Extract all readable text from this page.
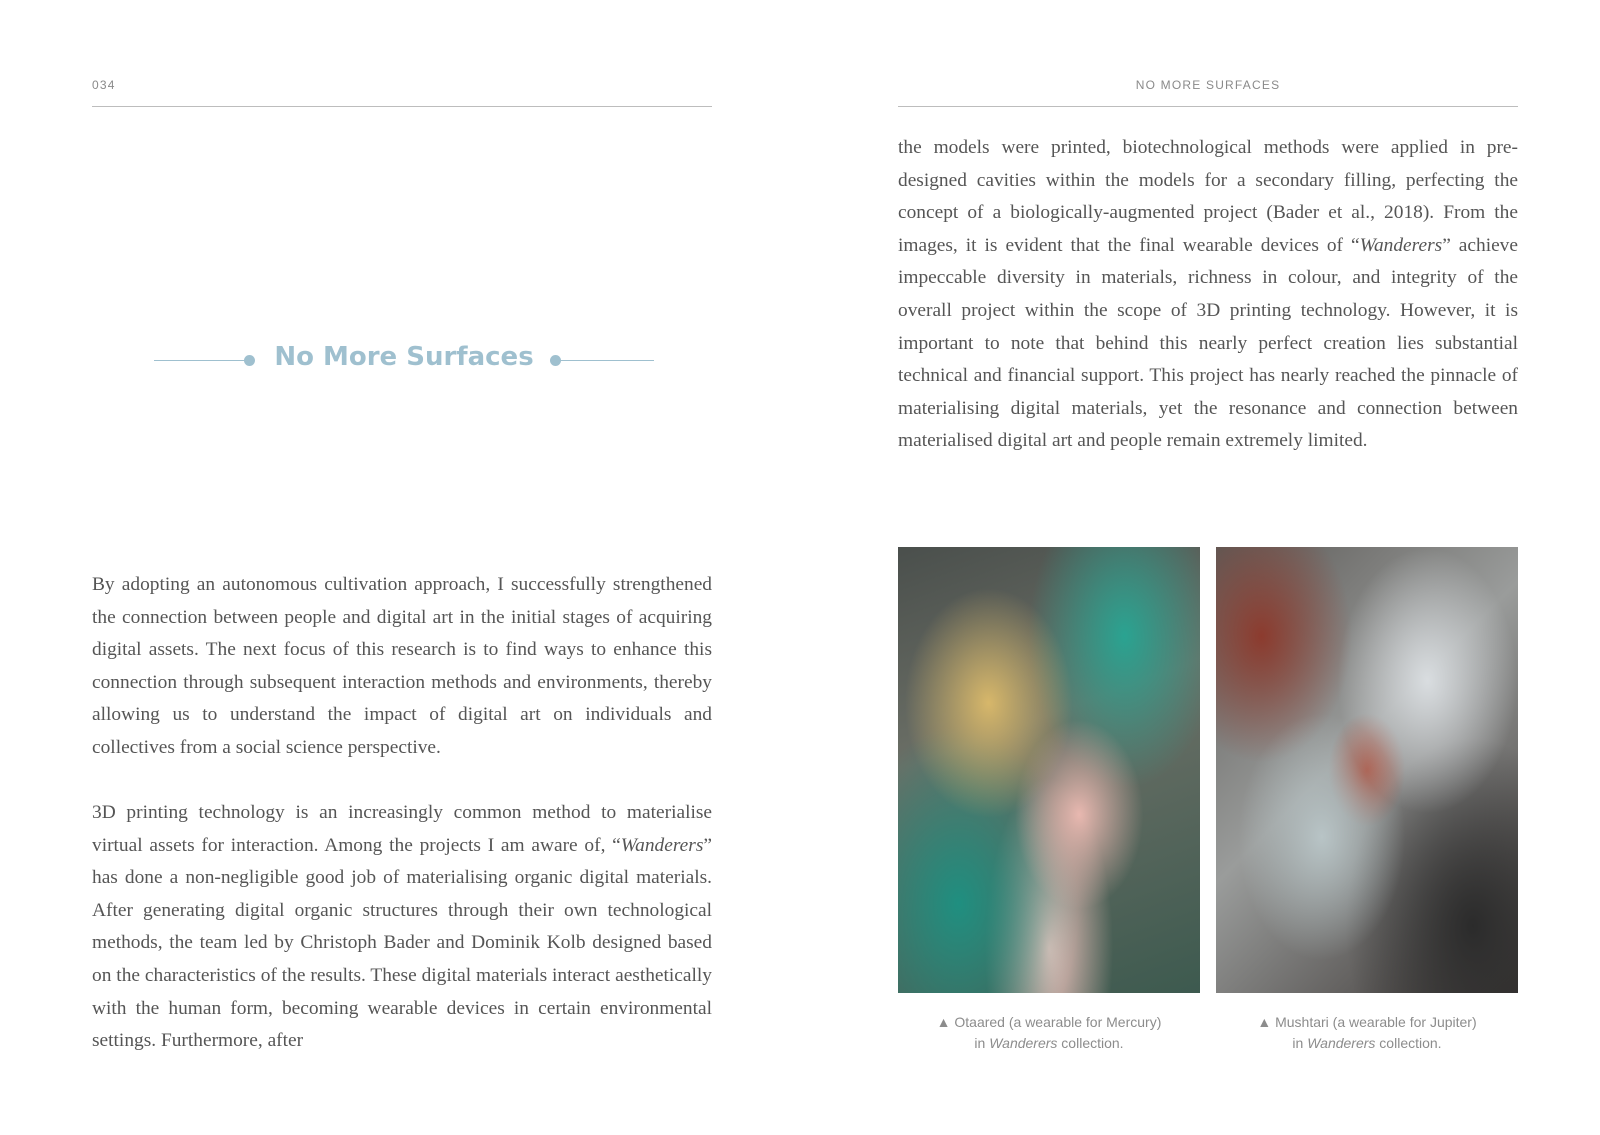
034
No More Surfaces

By adopting an autonomous cultivation approach, I successfully strengthened the connection between people and digital art in the initial stages of acquiring digital assets. The next focus of this research is to find ways to enhance this connection through subsequent interaction methods and environments, thereby allowing us to understand the impact of digital art on individuals and collectives from a social science perspective.

3D printing technology is an increasingly common method to materialise virtual assets for interaction. Among the projects I am aware of, “Wanderers” has done a non-negligible good job of materialising organic digital materials. After generating digital organic structures through their own technological methods, the team led by Christoph Bader and Dominik Kolb designed based on the characteristics of the results. These digital materials interact aesthetically with the human form, becoming wearable devices in certain environmental settings. Furthermore, after

NO MORE SURFACES

the models were printed, biotechnological methods were applied in pre-designed cavities within the models for a secondary filling, perfecting the concept of a biologically-augmented project (Bader et al., 2018). From the images, it is evident that the final wearable devices of “Wanderers” achieve impeccable diversity in materials, richness in colour, and integrity of the overall project within the scope of 3D printing technology. However, it is important to note that behind this nearly perfect creation lies substantial technical and financial support. This project has nearly reached the pinnacle of materialising digital materials, yet the resonance and connection between materialised digital art and people remain extremely limited.

▲ Otaared (a wearable for Mercury)
in Wanderers collection.
▲ Mushtari (a wearable for Jupiter)
in Wanderers collection.
